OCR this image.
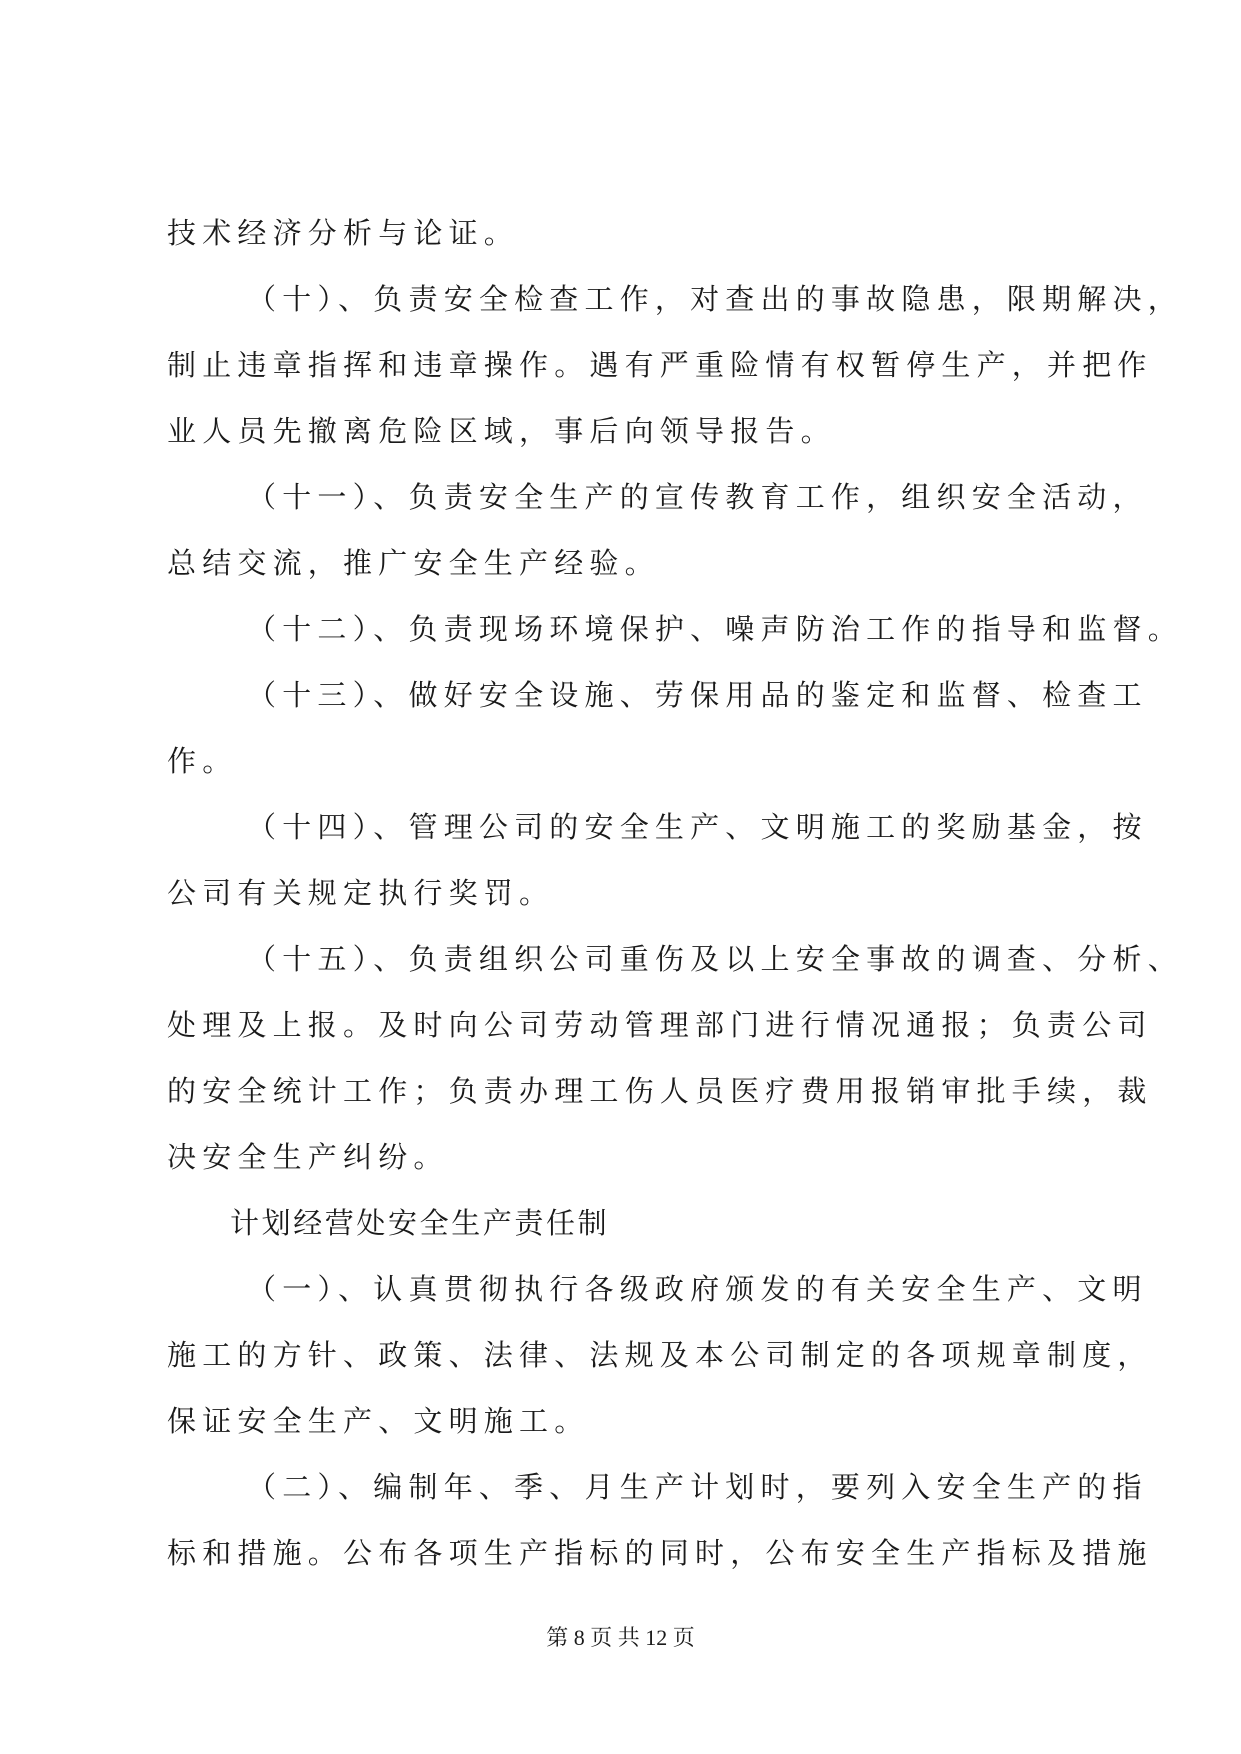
技术经济分析与论证。
（十）、负责安全检查工作，对查出的事故隐患，限期解决，
制止违章指挥和违章操作。遇有严重险情有权暂停生产，并把作
业人员先撤离危险区域，事后向领导报告。
（十一）、负责安全生产的宣传教育工作，组织安全活动，
总结交流，推广安全生产经验。
（十二）、负责现场环境保护、噪声防治工作的指导和监督。
（十三）、做好安全设施、劳保用品的鉴定和监督、检查工
作。
（十四）、管理公司的安全生产、文明施工的奖励基金，按
公司有关规定执行奖罚。
（十五）、负责组织公司重伤及以上安全事故的调查、分析、
处理及上报。及时向公司劳动管理部门进行情况通报；负责公司
的安全统计工作；负责办理工伤人员医疗费用报销审批手续，裁
决安全生产纠纷。
计划经营处安全生产责任制
（一）、认真贯彻执行各级政府颁发的有关安全生产、文明
施工的方针、政策、法律、法规及本公司制定的各项规章制度，
保证安全生产、文明施工。
（二）、编制年、季、月生产计划时，要列入安全生产的指
标和措施。公布各项生产指标的同时，公布安全生产指标及措施
第 8 页 共 12 页
